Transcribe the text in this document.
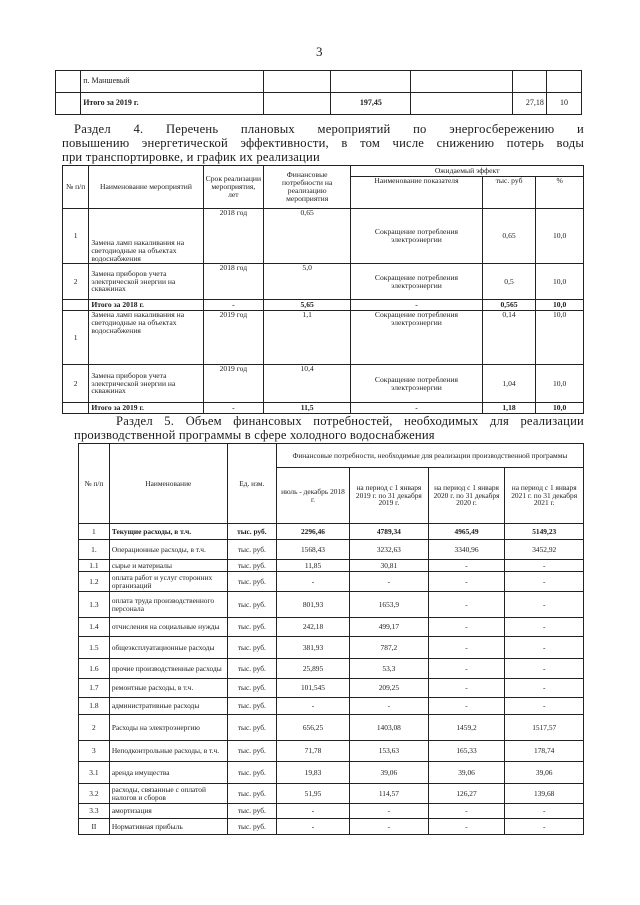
3
	п. Маншевый					
	Итого за 2019 г.		197,45		27,18	10
Раздел 4. Перечень плановых мероприятий по энергосбережению и
повышению энергетической эффективности, в том числе снижению потерь воды
при транспортировке, и график их реализации
№ п/п	Наименование мероприятий	Срок реализации мероприятия, лет	Финансовые потребности на реализацию мероприятия	Ожидаемый эффект		
				Наименование показателя	тыс. руб	%
1	Замена ламп накаливания на светодиодные на объектах водоснабжения	2018 год	0,65	Сокращение потребления электроэнергии	0,65	10,0
2	Замена приборов учета электрической энергии на скважинах	2018 год	5,0	Сокращение потребления электроэнергии	0,5	10,0
	Итого за 2018 г.	-	5,65	-	0,565	10,0
1	Замена ламп накаливания на светодиодные на объектах водоснабжения	2019 год	1,1	Сокращение потребления электроэнергии	0,14	10,0
2	Замена приборов учета электрической энергии на скважинах	2019 год	10,4	Сокращение потребления электроэнергии	1,04	10,0
	Итого за 2019 г.	-	11,5	-	1,18	10,0
Раздел 5. Объем финансовых потребностей, необходимых для реализации
производственной программы в сфере холодного водоснабжения
№ п/п	Наименование	Ед. изм.	Финансовые потребности, необходимые для реализации производственной программы			
			июль - декабрь 2018 г.	на период с 1 января 2019 г. по 31 декабря 2019 г.	на период с 1 января 2020 г. по 31 декабря 2020 г.	на период с 1 января 2021 г. по 31 декабря 2021 г.
1	Текущие расходы, в т.ч.	тыс. руб.	2296,46	4789,34	4965,49	5149,23
1.	Операционные расходы, в т.ч.	тыс. руб.	1568,43	3232,63	3340,96	3452,92
1.1	сырье и материалы	тыс. руб.	11,85	30,81	-	-
1.2	оплата работ и услуг сторонних организаций	тыс. руб.	-	-	-	-
1.3	оплата труда производственного персонала	тыс. руб.	801,93	1653,9	-	-
1.4	отчисления на социальные нужды	тыс. руб.	242,18	499,17	-	-
1.5	общеэксплуатационные расходы	тыс. руб.	381,93	787,2	-	-
1.6	прочие производственные расходы	тыс. руб.	25,895	53,3	-	-
1.7	ремонтные расходы, в т.ч.	тыс. руб.	101,545	209,25	-	-
1.8	административные расходы	тыс. руб.	-	-	-	-
2	Расходы на электроэнергию	тыс. руб.	656,25	1403,08	1459,2	1517,57
3	Неподконтрольные расходы, в т.ч.	тыс. руб.	71,78	153,63	165,33	178,74
3.1	аренда имущества	тыс. руб.	19,83	39,06	39,06	39,06
3.2	расходы, связанные с оплатой налогов и сборов	тыс. руб.	51,95	114,57	126,27	139,68
3.3	амортизация	тыс. руб.	-	-	-	-
II	Нормативная прибыль	тыс. руб.	-	-	-	-
